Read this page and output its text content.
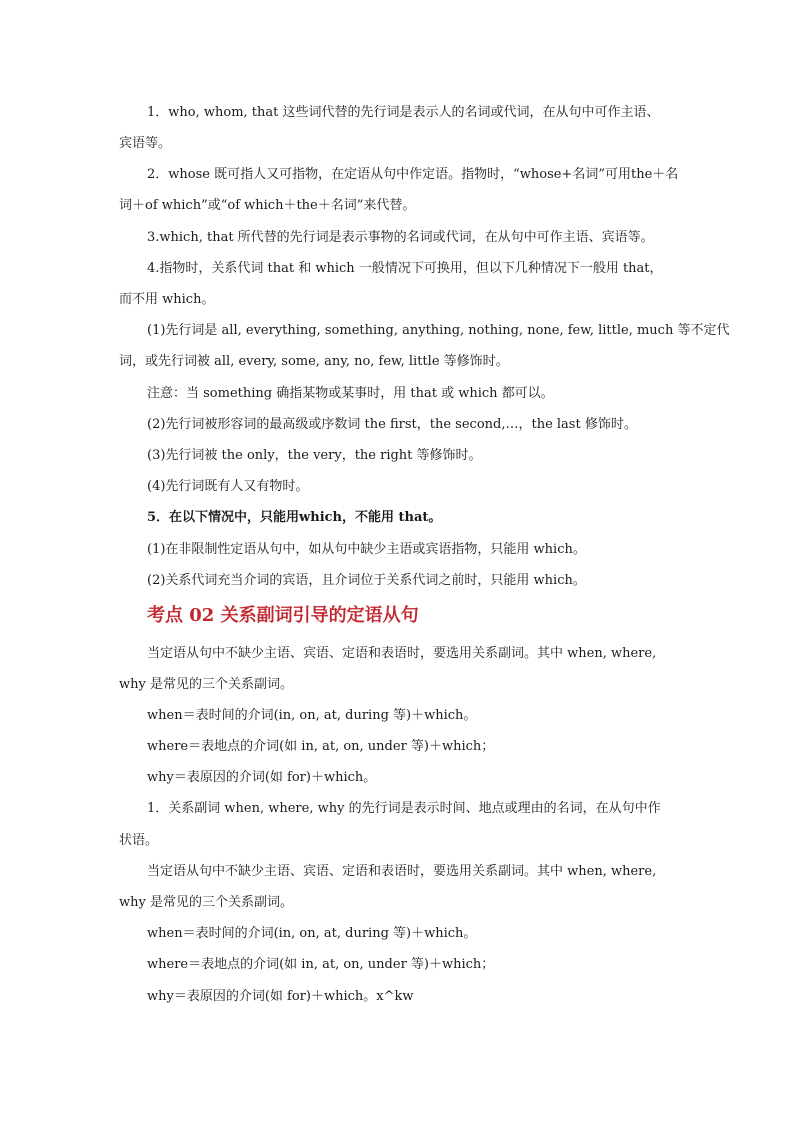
1．who, whom, that 这些词代替的先行词是表示人的名词或代词，在从句中可作主语、
宾语等。
2．whose 既可指人又可指物，在定语从句中作定语。指物时，“whose+名词”可用the＋名
词＋of which”或“of which＋the＋名词”来代替。
3.which, that 所代替的先行词是表示事物的名词或代词，在从句中可作主语、宾语等。
4.指物时，关系代词 that 和 which 一般情况下可换用，但以下几种情况下一般用 that，
而不用 which。
(1)先行词是 all, everything, something, anything, nothing, none, few, little, much 等不定代
词，或先行词被 all, every, some, any, no, few, little 等修饰时。
注意：当 something 确指某物或某事时，用 that 或 which 都可以。
(2)先行词被形容词的最高级或序数词 the first，the second,…，the last 修饰时。
(3)先行词被 the only，the very，the right 等修饰时。
(4)先行词既有人又有物时。
5．在以下情况中，只能用which，不能用 that。
(1)在非限制性定语从句中，如从句中缺少主语或宾语指物，只能用 which。
(2)关系代词充当介词的宾语，且介词位于关系代词之前时，只能用 which。
考点 02 关系副词引导的定语从句
当定语从句中不缺少主语、宾语、定语和表语时，要选用关系副词。其中 when, where,
why 是常见的三个关系副词。
when＝表时间的介词(in, on, at, during 等)＋which。
where＝表地点的介词(如 in, at, on, under 等)＋which；
why＝表原因的介词(如 for)＋which。
1．关系副词 when, where, why 的先行词是表示时间、地点或理由的名词，在从句中作
状语。
当定语从句中不缺少主语、宾语、定语和表语时，要选用关系副词。其中 when, where,
why 是常见的三个关系副词。
when＝表时间的介词(in, on, at, during 等)＋which。
where＝表地点的介词(如 in, at, on, under 等)＋which；
why＝表原因的介词(如 for)＋which。x^kw
